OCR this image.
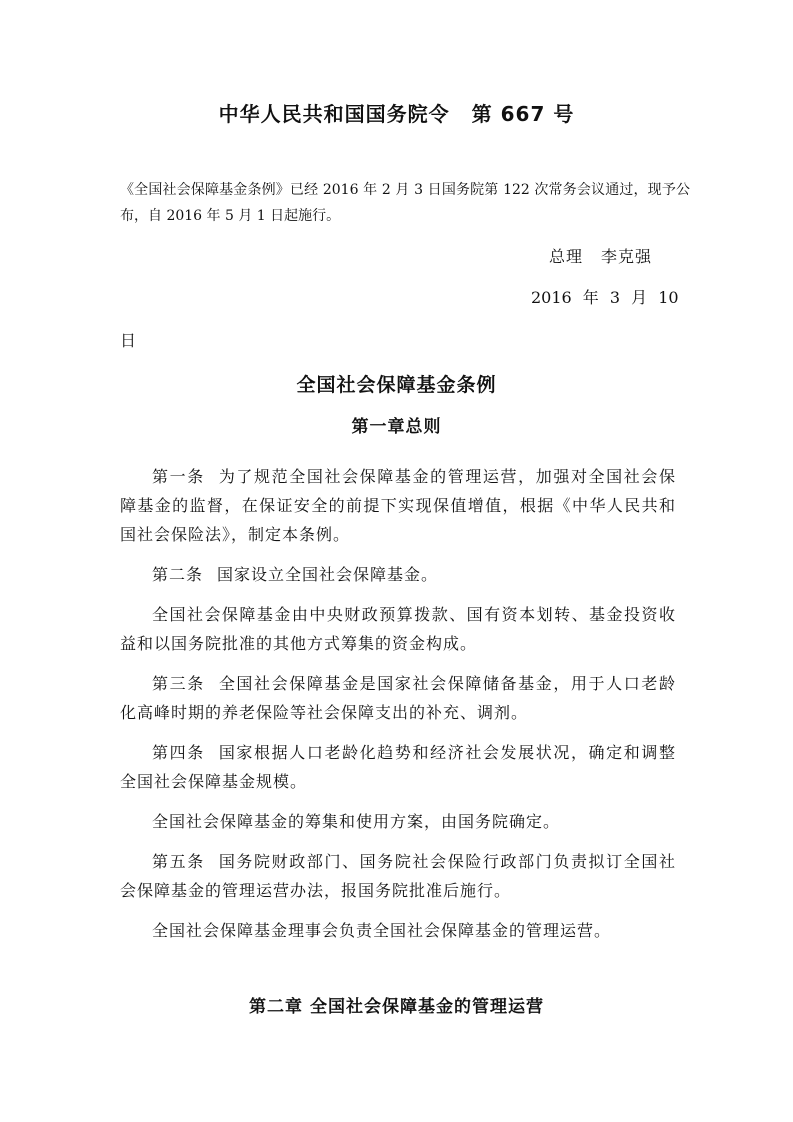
中华人民共和国国务院令 第 667 号
《全国社会保障基金条例》已经 2016 年 2 月 3 日国务院第 122 次常务会议通过，现予公布，自 2016 年 5 月 1 日起施行。
总理 李克强
2016 年 3 月 10
日
全国社会保障基金条例
第一章总则

第一条 为了规范全国社会保障基金的管理运营，加强对全国社会保障基金的监督，在保证安全的前提下实现保值增值，根据《中华人民共和国社会保险法》，制定本条例。

第二条 国家设立全国社会保障基金。

全国社会保障基金由中央财政预算拨款、国有资本划转、基金投资收益和以国务院批准的其他方式筹集的资金构成。

第三条 全国社会保障基金是国家社会保障储备基金，用于人口老龄化高峰时期的养老保险等社会保障支出的补充、调剂。

第四条 国家根据人口老龄化趋势和经济社会发展状况，确定和调整全国社会保障基金规模。

全国社会保障基金的筹集和使用方案，由国务院确定。

第五条 国务院财政部门、国务院社会保险行政部门负责拟订全国社会保障基金的管理运营办法，报国务院批准后施行。

全国社会保障基金理事会负责全国社会保障基金的管理运营。

第二章 全国社会保障基金的管理运营
